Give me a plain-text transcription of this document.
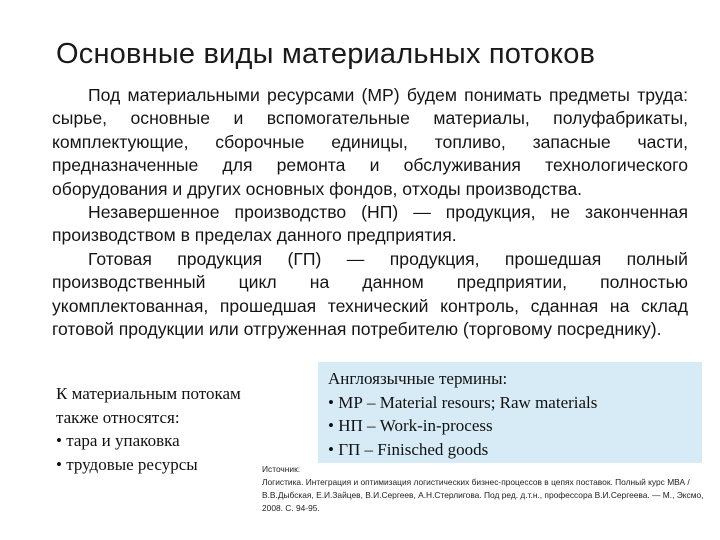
Основные виды материальных потоков

Под материальными ресурсами (МР) будем понимать предметы труда: сырье, основные и вспомогательные материалы, полуфабрикаты, комплектующие, сборочные единицы, топливо, запасные части, предназначенные для ремонта и обслуживания технологического оборудования и других основных фондов, отходы производства.

Незавершенное производство (НП) — продукция, не законченная производством в пределах данного предприятия.

Готовая продукция (ГП) — продукция, прошедшая полный производственный цикл на данном предприятии, полностью укомплектованная, прошедшая технический контроль, сданная на склад готовой продукции или отгруженная потребителю (торговому посреднику).

К материальным потокам
также относятся:
• тара и упаковка
• трудовые ресурсы
Англоязычные термины:
• МР – Material resours; Raw materials
• НП – Work-in-process
• ГП – Finisched goods
Источник:
Логистика. Интеграция и оптимизация логистических бизнес-процессов в цепях поставок. Полный курс МВА / В.В.Дыбская, Е.И.Зайцев, В.И.Сергеев, А.Н.Стерлигова. Под ред. д.т.н., профессора В.И.Сергеева. — М., Эксмо, 2008. С. 94-95.
